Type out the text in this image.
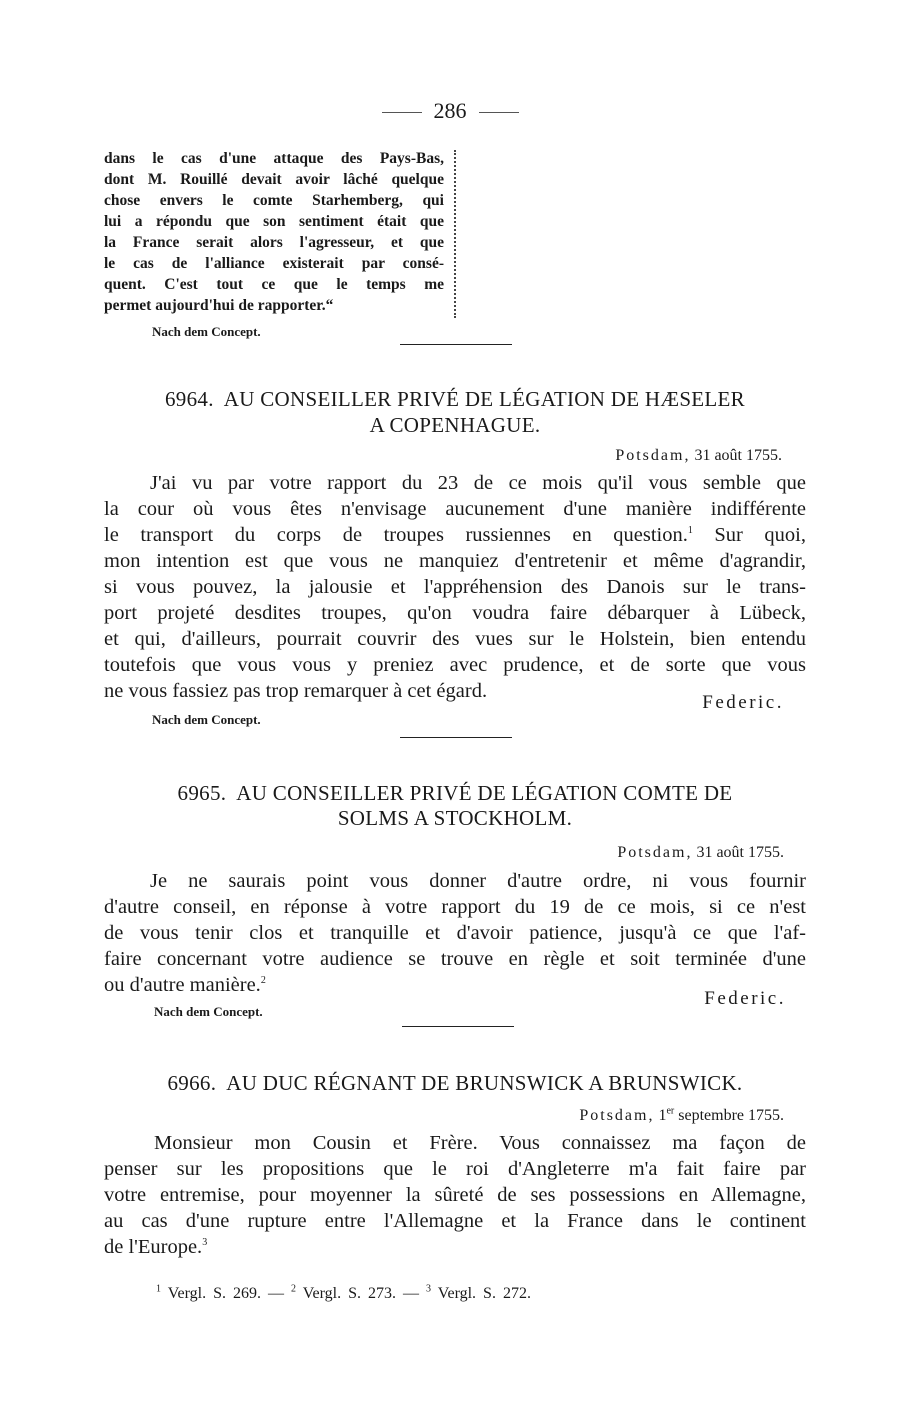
286
dans le cas d'une attaque des Pays-Bas,
dont M. Rouillé devait avoir lâché quelque
chose envers le comte Starhemberg, qui
lui a répondu que son sentiment était que
la France serait alors l'agresseur, et que
le cas de l'alliance existerait par consé-
quent. C'est tout ce que le temps me
permet aujourd'hui de rapporter.“
Nach dem Concept.
6964. AU CONSEILLER PRIVÉ DE LÉGATION DE HÆSELER
A COPENHAGUE.
Potsdam, 31 août 1755.
J'ai vu par votre rapport du 23 de ce mois qu'il vous semble que
la cour où vous êtes n'envisage aucunement d'une manière indifférente
le transport du corps de troupes russiennes en question.$^1$ Sur quoi,
mon intention est que vous ne manquiez d'entretenir et même d'agrandir,
si vous pouvez, la jalousie et l'appréhension des Danois sur le trans-
port projeté desdites troupes, qu'on voudra faire débarquer à Lübeck,
et qui, d'ailleurs, pourrait couvrir des vues sur le Holstein, bien entendu
toutefois que vous vous y preniez avec prudence, et de sorte que vous
ne vous fassiez pas trop remarquer à cet égard.
Federic.
Nach dem Concept.
6965. AU CONSEILLER PRIVÉ DE LÉGATION COMTE DE
SOLMS A STOCKHOLM.
Potsdam, 31 août 1755.
Je ne saurais point vous donner d'autre ordre, ni vous fournir
d'autre conseil, en réponse à votre rapport du 19 de ce mois, si ce n'est
de vous tenir clos et tranquille et d'avoir patience, jusqu'à ce que l'af-
faire concernant votre audience se trouve en règle et soit terminée d'une
ou d'autre manière.$^2$
Federic.
Nach dem Concept.
6966. AU DUC RÉGNANT DE BRUNSWICK A BRUNSWICK.
Potsdam, 1er septembre 1755.
Monsieur mon Cousin et Frère. Vous connaissez ma façon de
penser sur les propositions que le roi d'Angleterre m'a fait faire par
votre entremise, pour moyenner la sûreté de ses possessions en Allemagne,
au cas d'une rupture entre l'Allemagne et la France dans le continent
de l'Europe.$^3$
$^1$ Vergl. S. 269. — $^2$ Vergl. S. 273. — $^3$ Vergl. S. 272.
